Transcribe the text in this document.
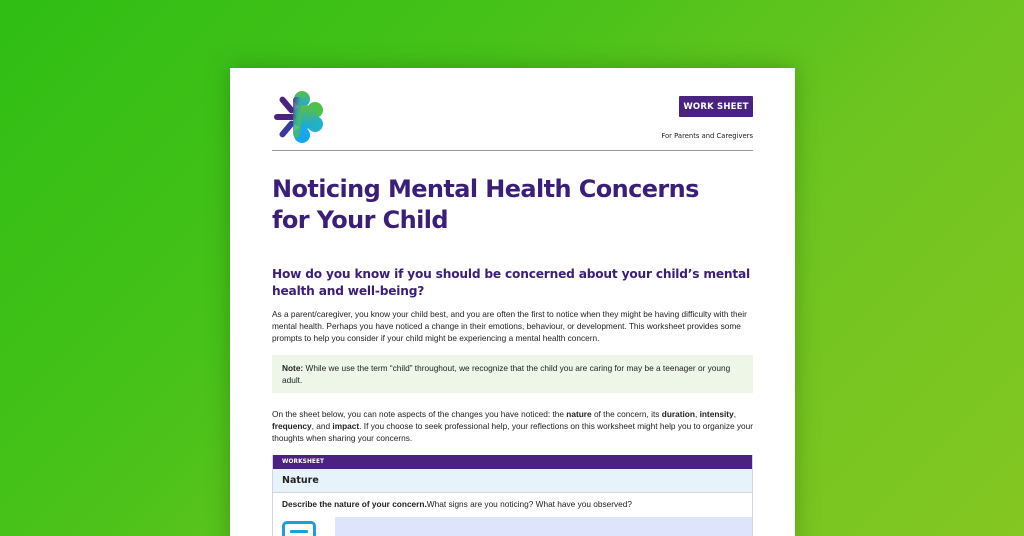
WORK SHEET
For Parents and Caregivers
Noticing Mental Health Concerns for Your Child
How do you know if you should be concerned about your child’s mental health and well-being?

As a parent/caregiver, you know your child best, and you are often the first to notice when they might be having difficulty with their mental health. Perhaps you have noticed a change in their emotions, behaviour, or development. This worksheet provides some prompts to help you consider if your child might be experiencing a mental health concern.

Note: While we use the term “child” throughout, we recognize that the child you are caring for may be a teenager or young adult.

On the sheet below, you can note aspects of the changes you have noticed: the nature of the concern, its duration, intensity, frequency, and impact. If you choose to seek professional help, your reflections on this worksheet might help you to organize your thoughts when sharing your concerns.

WORKSHEET
Nature
Describe the nature of your concern. What signs are you noticing? What have you observed?
